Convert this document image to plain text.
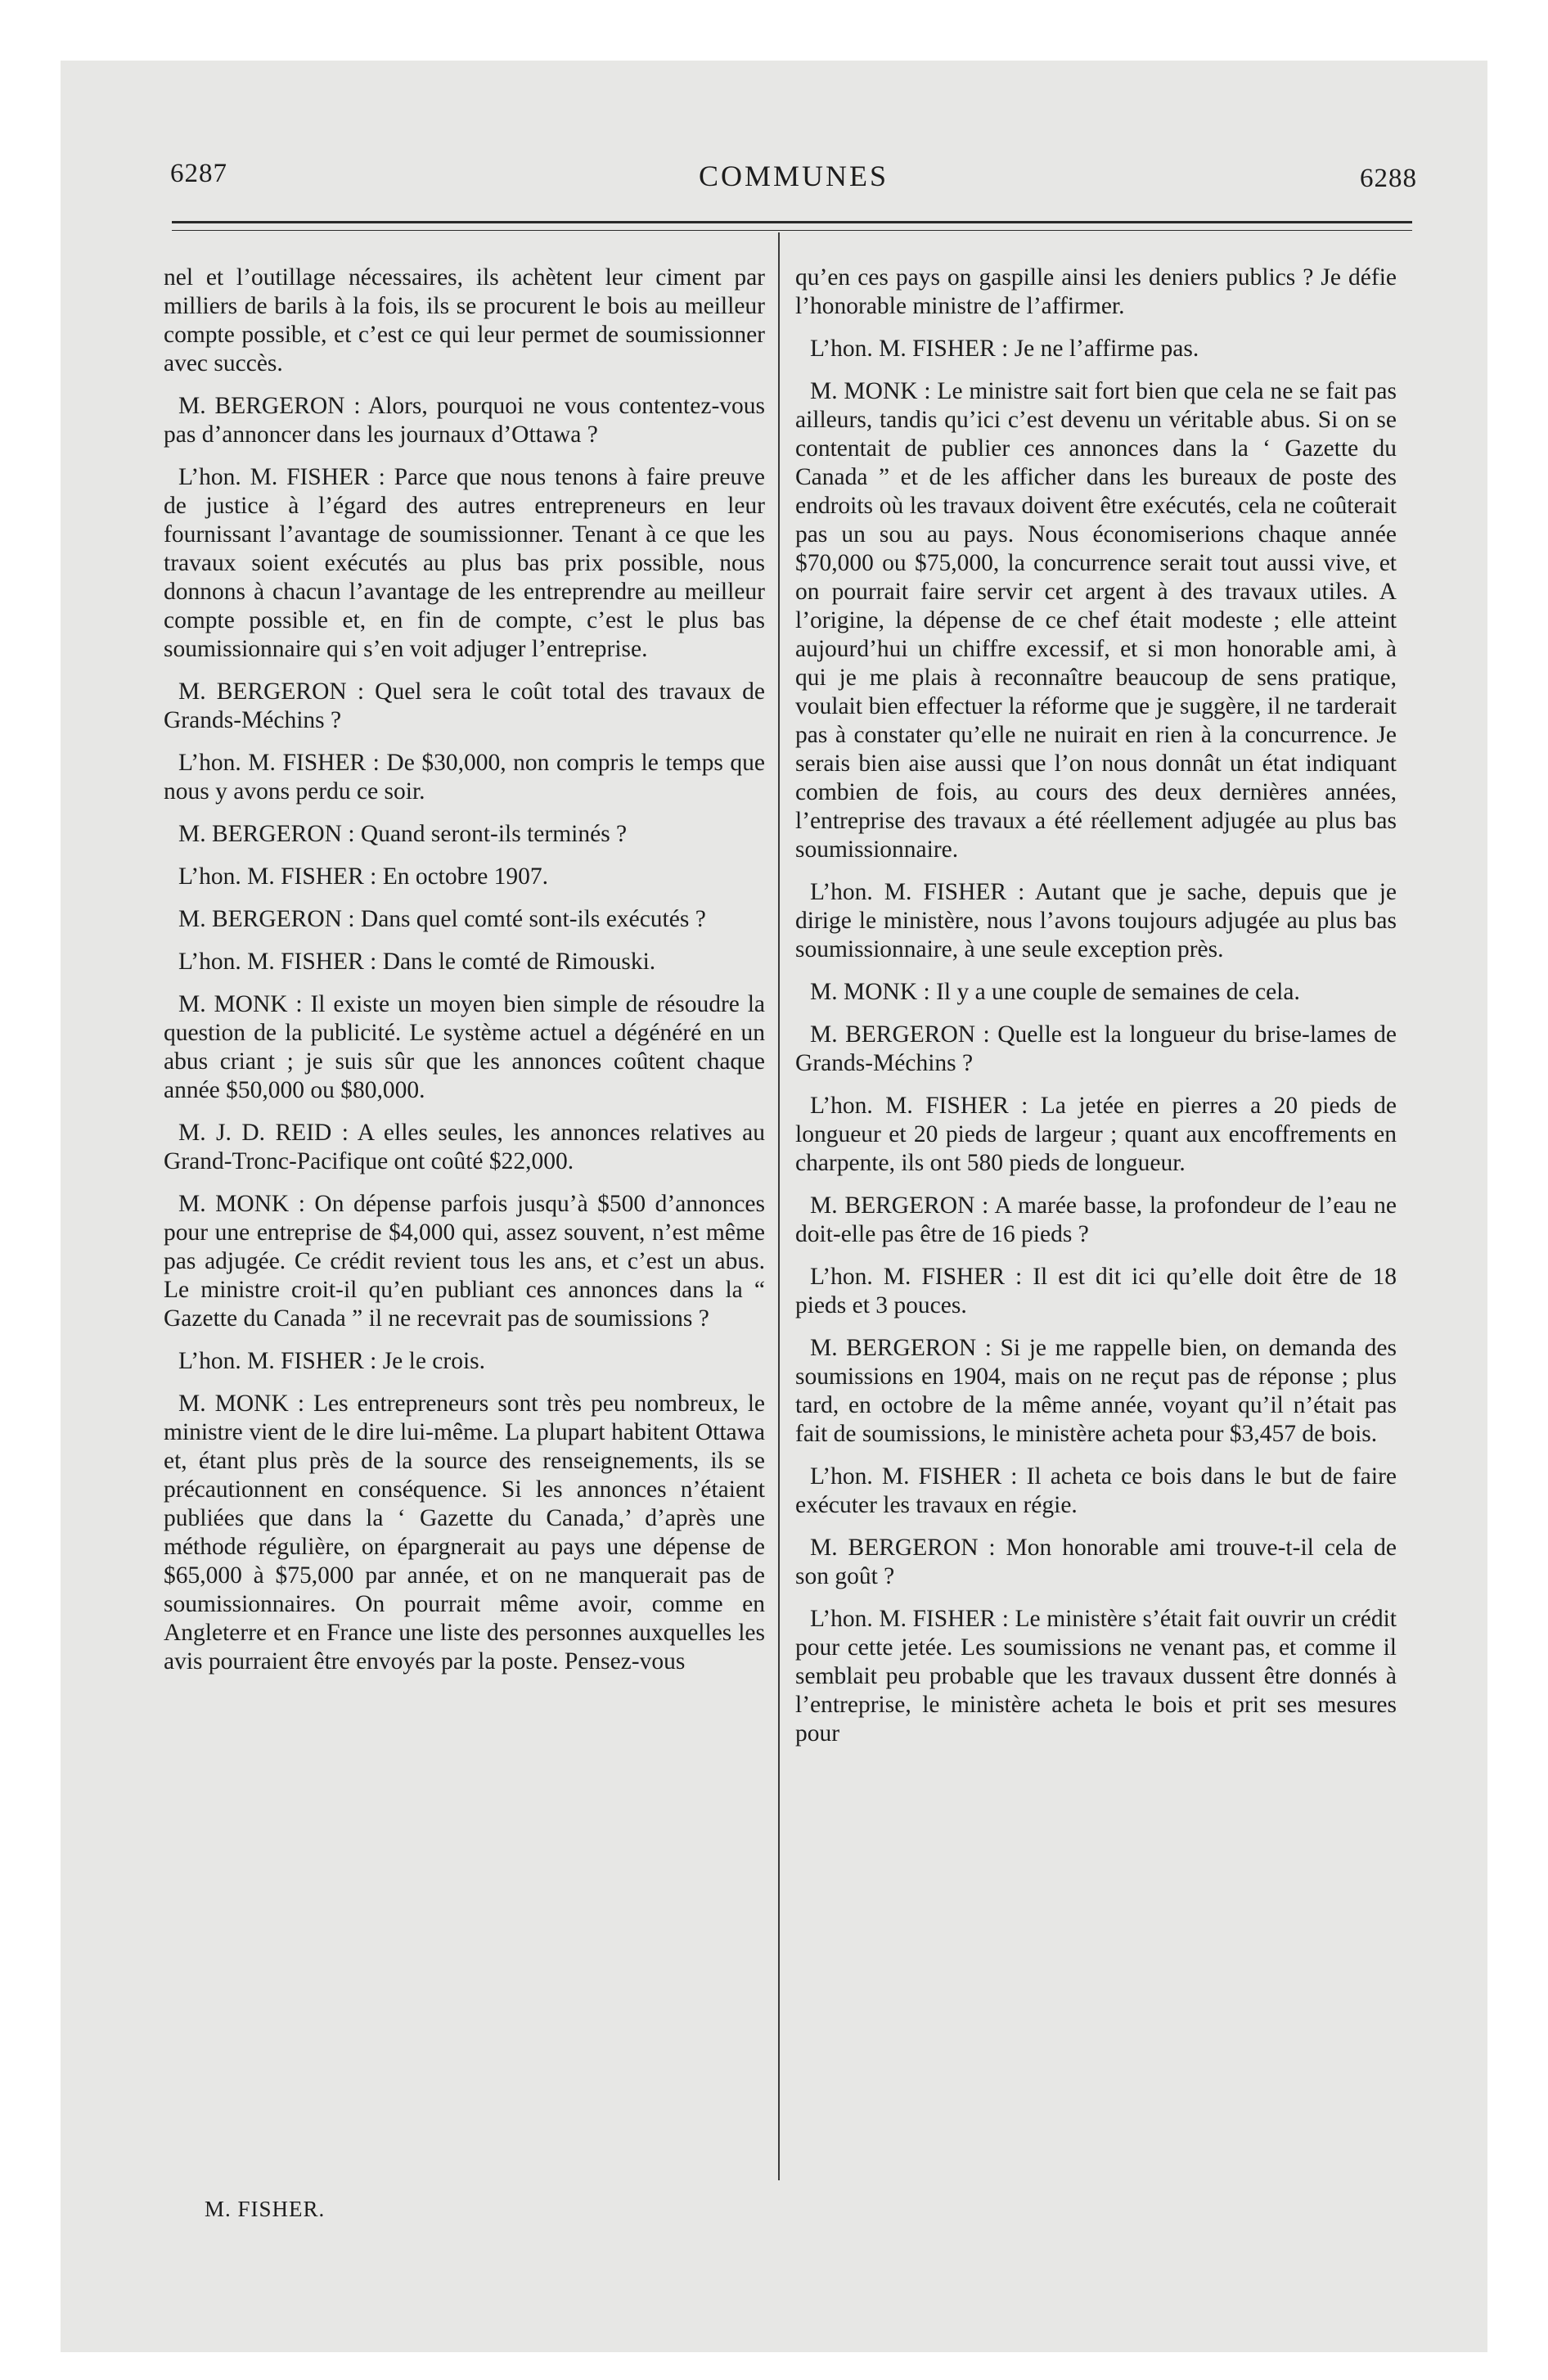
6287	COMMUNES	6288

nel et l’outillage nécessaires, ils achètent leur ciment par milliers de barils à la fois, ils se procurent le bois au meilleur compte possible, et c’est ce qui leur permet de soumissionner avec succès.

M. BERGERON : Alors, pourquoi ne vous contentez-vous pas d’annoncer dans les journaux d’Ottawa ?

L’hon. M. FISHER : Parce que nous tenons à faire preuve de justice à l’égard des autres entrepreneurs en leur fournissant l’avantage de soumissionner. Tenant à ce que les travaux soient exécutés au plus bas prix possible, nous donnons à chacun l’avantage de les entreprendre au meilleur compte possible et, en fin de compte, c’est le plus bas soumissionnaire qui s’en voit adjuger l’entreprise.

M. BERGERON : Quel sera le coût total des travaux de Grands-Méchins ?

L’hon. M. FISHER : De $30,000, non compris le temps que nous y avons perdu ce soir.

M. BERGERON : Quand seront-ils terminés ?

L’hon. M. FISHER : En octobre 1907.

M. BERGERON : Dans quel comté sont-ils exécutés ?

L’hon. M. FISHER : Dans le comté de Rimouski.

M. MONK : Il existe un moyen bien simple de résoudre la question de la publicité. Le système actuel a dégénéré en un abus criant ; je suis sûr que les annonces coûtent chaque année $50,000 ou $80,000.

M. J. D. REID : A elles seules, les annonces relatives au Grand-Tronc-Pacifique ont coûté $22,000.

M. MONK : On dépense parfois jusqu’à $500 d’annonces pour une entreprise de $4,000 qui, assez souvent, n’est même pas adjugée. Ce crédit revient tous les ans, et c’est un abus. Le ministre croit-il qu’en publiant ces annonces dans la “ Gazette du Canada ” il ne recevrait pas de soumissions ?

L’hon. M. FISHER : Je le crois.

M. MONK : Les entrepreneurs sont très peu nombreux, le ministre vient de le dire lui-même. La plupart habitent Ottawa et, étant plus près de la source des renseignements, ils se précautionnent en conséquence. Si les annonces n’étaient publiées que dans la ‘ Gazette du Canada,’ d’après une méthode régulière, on épargnerait au pays une dépense de $65,000 à $75,000 par année, et on ne manquerait pas de soumissionnaires. On pourrait même avoir, comme en Angleterre et en France une liste des personnes auxquelles les avis pourraient être envoyés par la poste. Pensez-vous

qu’en ces pays on gaspille ainsi les deniers publics ? Je défie l’honorable ministre de l’affirmer.

L’hon. M. FISHER : Je ne l’affirme pas.

M. MONK : Le ministre sait fort bien que cela ne se fait pas ailleurs, tandis qu’ici c’est devenu un véritable abus. Si on se contentait de publier ces annonces dans la ‘ Gazette du Canada ” et de les afficher dans les bureaux de poste des endroits où les travaux doivent être exécutés, cela ne coûterait pas un sou au pays. Nous économiserions chaque année $70,000 ou $75,000, la concurrence serait tout aussi vive, et on pourrait faire servir cet argent à des travaux utiles. A l’origine, la dépense de ce chef était modeste ; elle atteint aujourd’hui un chiffre excessif, et si mon honorable ami, à qui je me plais à reconnaître beaucoup de sens pratique, voulait bien effectuer la réforme que je suggère, il ne tarderait pas à constater qu’elle ne nuirait en rien à la concurrence. Je serais bien aise aussi que l’on nous donnât un état indiquant combien de fois, au cours des deux dernières années, l’entreprise des travaux a été réellement adjugée au plus bas soumissionnaire.

L’hon. M. FISHER : Autant que je sache, depuis que je dirige le ministère, nous l’avons toujours adjugée au plus bas soumissionnaire, à une seule exception près.

M. MONK : Il y a une couple de semaines de cela.

M. BERGERON : Quelle est la longueur du brise-lames de Grands-Méchins ?

L’hon. M. FISHER : La jetée en pierres a 20 pieds de longueur et 20 pieds de largeur ; quant aux encoffrements en charpente, ils ont 580 pieds de longueur.

M. BERGERON : A marée basse, la profondeur de l’eau ne doit-elle pas être de 16 pieds ?

L’hon. M. FISHER : Il est dit ici qu’elle doit être de 18 pieds et 3 pouces.

M. BERGERON : Si je me rappelle bien, on demanda des soumissions en 1904, mais on ne reçut pas de réponse ; plus tard, en octobre de la même année, voyant qu’il n’était pas fait de soumissions, le ministère acheta pour $3,457 de bois.

L’hon. M. FISHER : Il acheta ce bois dans le but de faire exécuter les travaux en régie.

M. BERGERON : Mon honorable ami trouve-t-il cela de son goût ?

L’hon. M. FISHER : Le ministère s’était fait ouvrir un crédit pour cette jetée. Les soumissions ne venant pas, et comme il semblait peu probable que les travaux dussent être donnés à l’entreprise, le ministère acheta le bois et prit ses mesures pour

M. FISHER.
